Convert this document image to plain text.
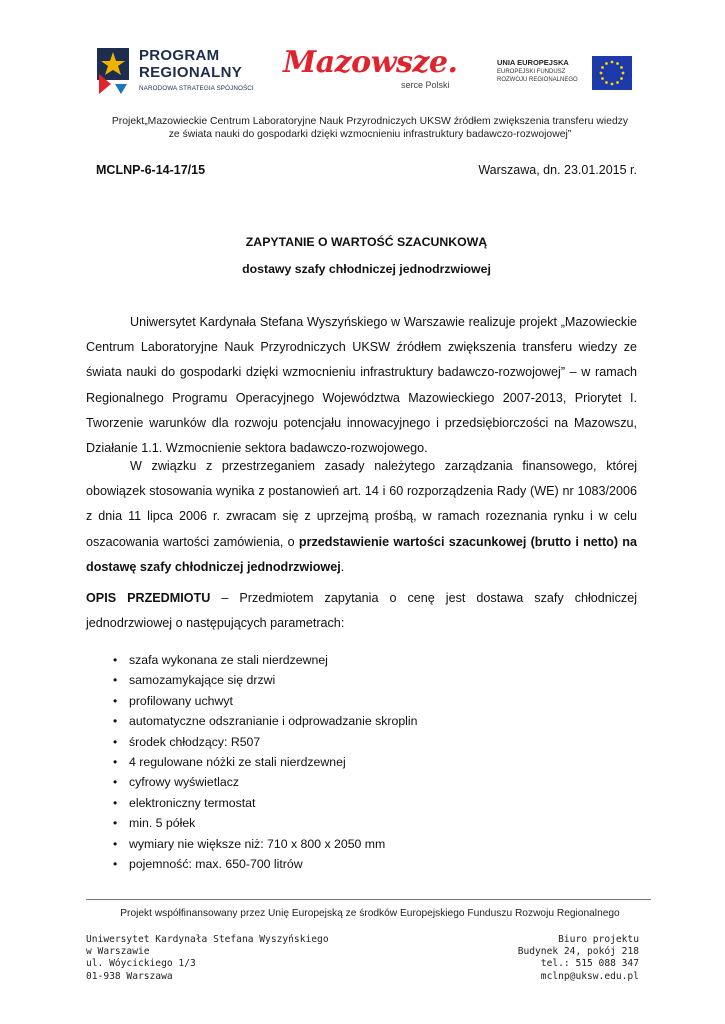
PROGRAM
REGIONALNY
NARODOWA STRATEGIA SPÓJNOŚCI
Mazowsze.
serce Polski
UNIA EUROPEJSKA
EUROPEJSKI FUNDUSZ
ROZWOJU REGIONALNEGO
Projekt„Mazowieckie Centrum Laboratoryjne Nauk Przyrodniczych UKSW źródłem zwiększenia transferu wiedzy
ze świata nauki do gospodarki dzięki wzmocnieniu infrastruktury badawczo-rozwojowej”
MCLNP-6-14-17/15	Warszawa, dn. 23.01.2015 r.
ZAPYTANIE O WARTOŚĆ SZACUNKOWĄ
dostawy szafy chłodniczej jednodrzwiowej

Uniwersytet Kardynała Stefana Wyszyńskiego w Warszawie realizuje projekt „Mazowieckie Centrum Laboratoryjne Nauk Przyrodniczych UKSW źródłem zwiększenia transferu wiedzy ze świata nauki do gospodarki dzięki wzmocnieniu infrastruktury badawczo-rozwojowej” – w ramach Regionalnego Programu Operacyjnego Województwa Mazowieckiego 2007-2013, Priorytet I. Tworzenie warunków dla rozwoju potencjału innowacyjnego i przedsiębiorczości na Mazowszu, Działanie 1.1. Wzmocnienie sektora badawczo-rozwojowego.

W związku z przestrzeganiem zasady należytego zarządzania finansowego, której obowiązek stosowania wynika z postanowień art. 14 i 60 rozporządzenia Rady (WE) nr 1083/2006 z dnia 11 lipca 2006 r. zwracam się z uprzejmą prośbą, w ramach rozeznania rynku i w celu oszacowania wartości zamówienia, o przedstawienie wartości szacunkowej (brutto i netto) na dostawę szafy chłodniczej jednodrzwiowej.

OPIS PRZEDMIOTU – Przedmiotem zapytania o cenę jest dostawa szafy chłodniczej jednodrzwiowej o następujących parametrach:

• szafa wykonana ze stali nierdzewnej
• samozamykające się drzwi
• profilowany uchwyt
• automatyczne odszranianie i odprowadzanie skroplin
• środek chłodzący: R507
• 4 regulowane nóżki ze stali nierdzewnej
• cyfrowy wyświetlacz
• elektroniczny termostat
• min. 5 półek
• wymiary nie większe niż: 710 x 800 x 2050 mm
• pojemność: max. 650-700 litrów
Projekt współfinansowany przez Unię Europejską ze środków Europejskiego Funduszu Rozwoju Regionalnego
Uniwersytet Kardynała Stefana Wyszyńskiego
w Warszawie
ul. Wóycickiego 1/3
01-938 Warszawa
Biuro projektu
Budynek 24, pokój 218
tel.: 515 088 347
mclnp@uksw.edu.pl
